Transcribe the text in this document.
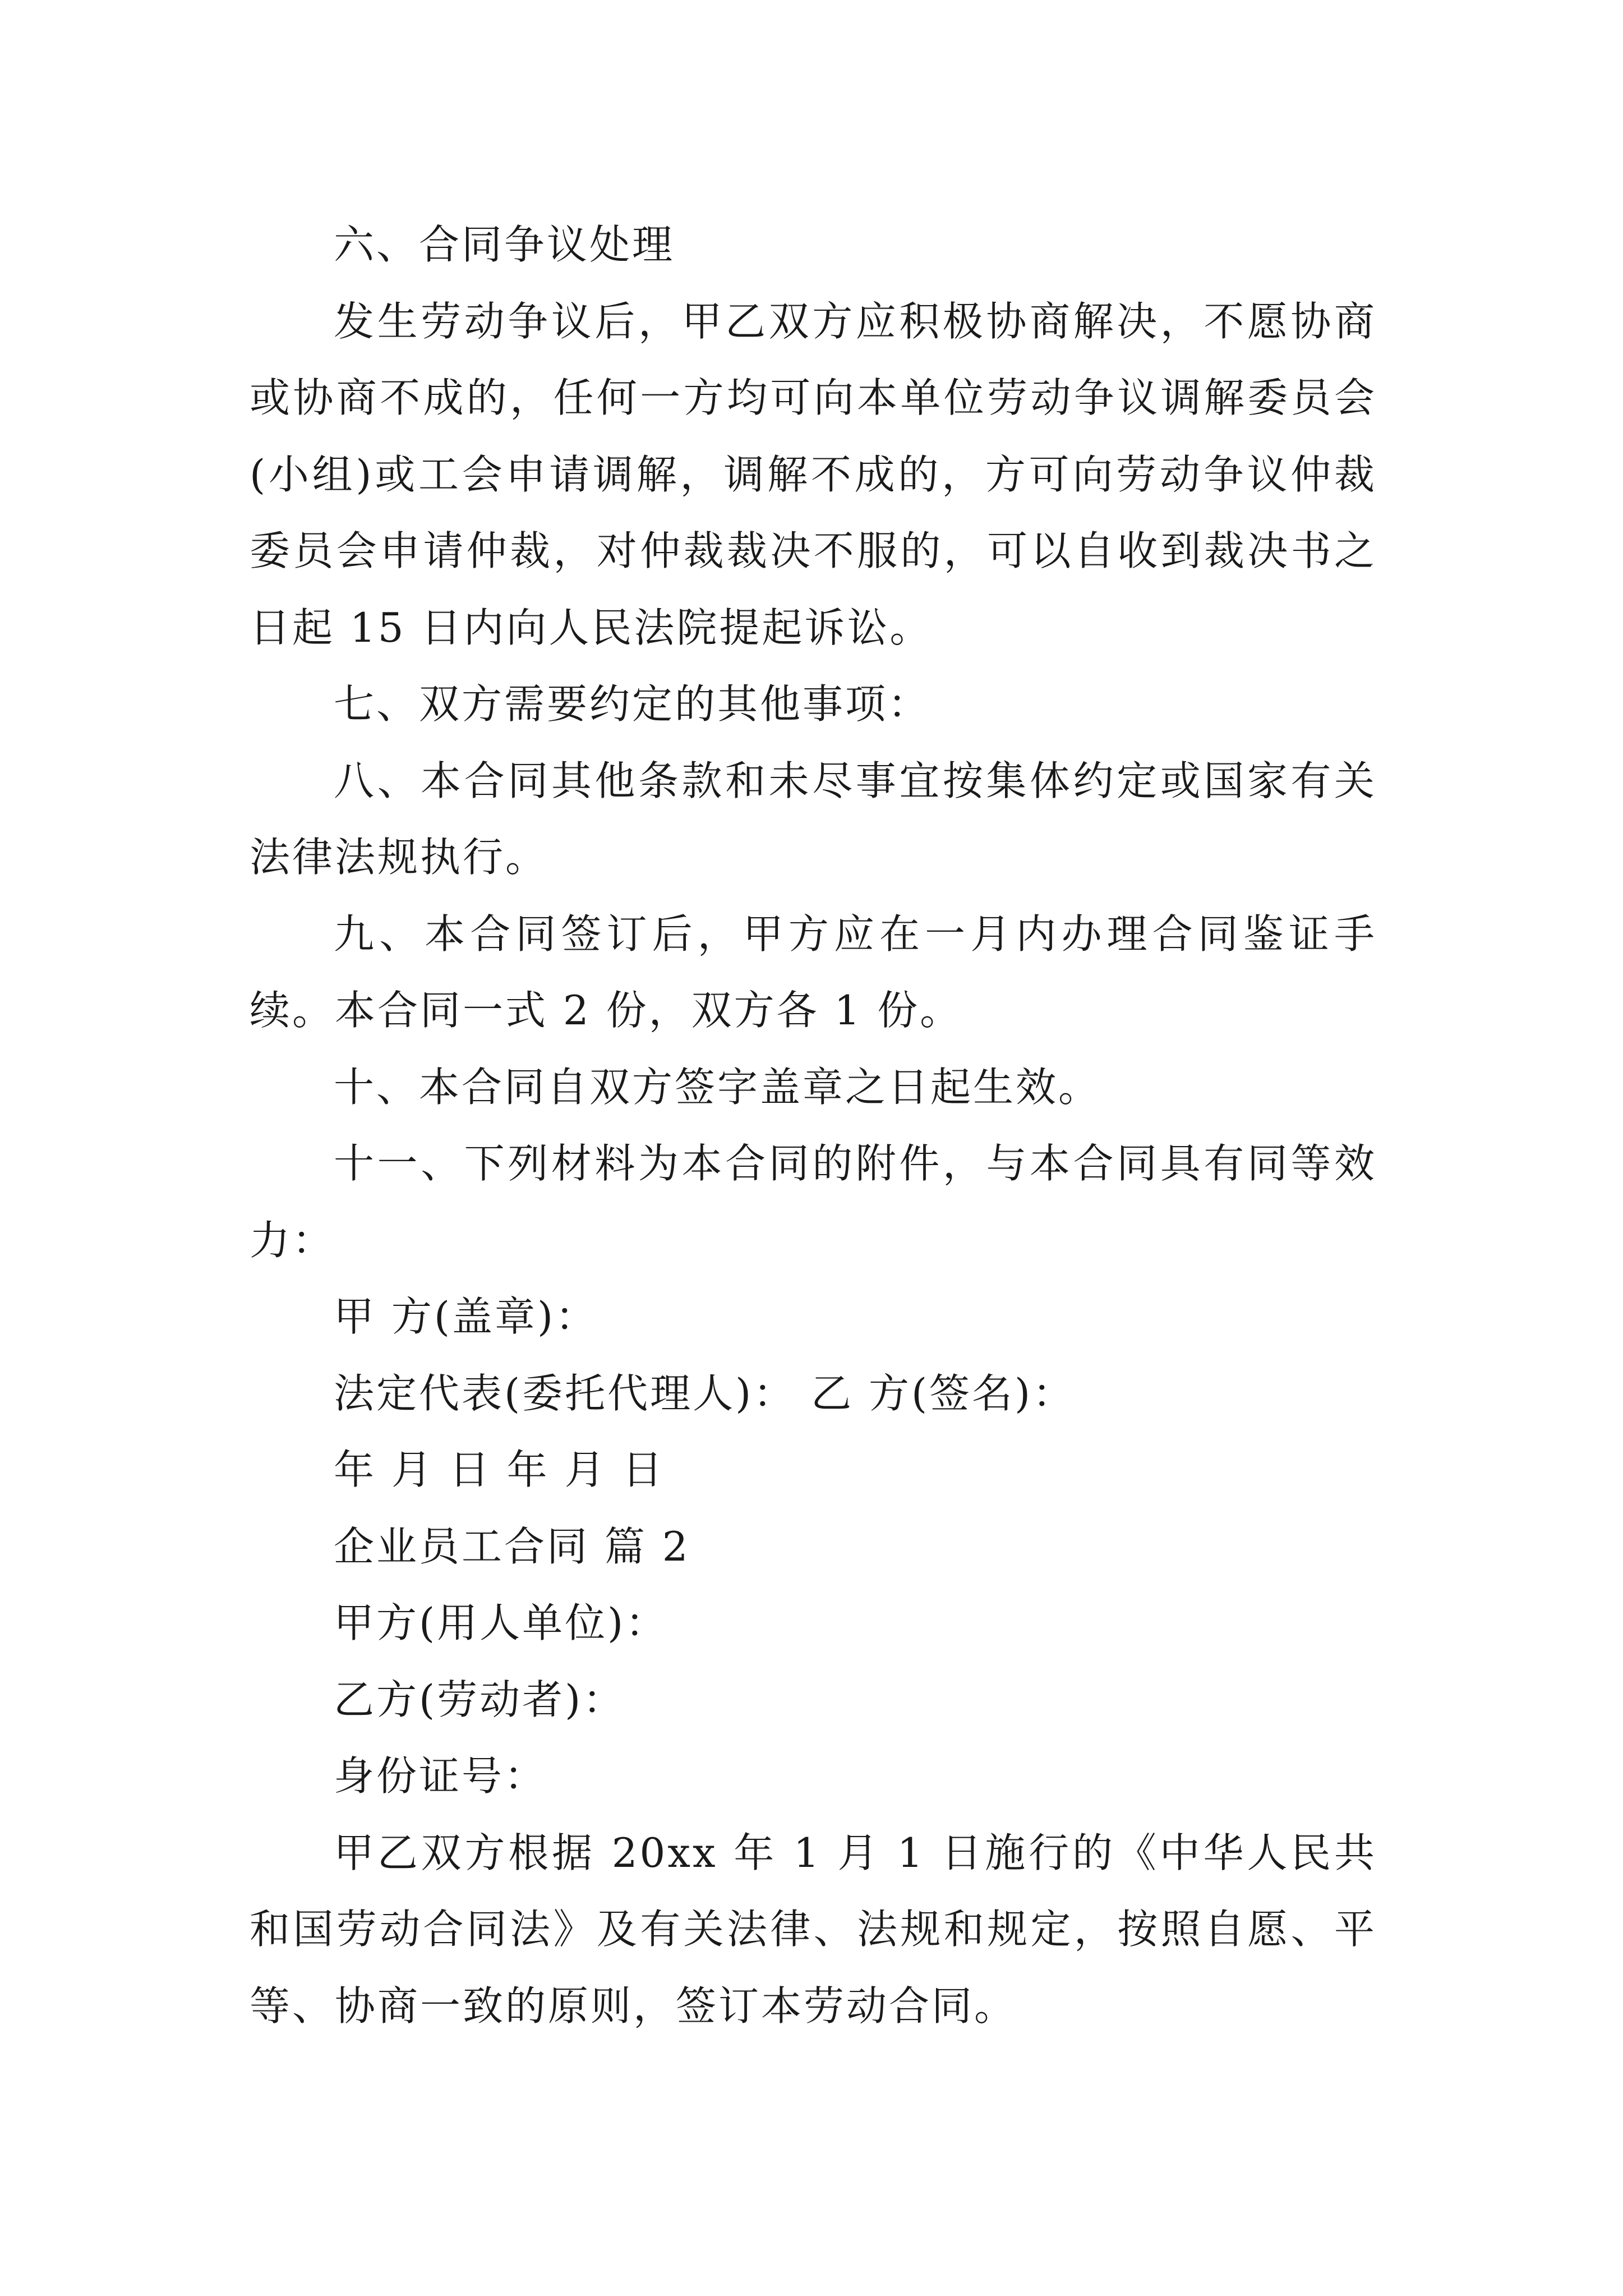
六、合同争议处理

发生劳动争议后，甲乙双方应积极协商解决，不愿协商或协商不成的，任何一方均可向本单位劳动争议调解委员会(小组)或工会申请调解，调解不成的，方可向劳动争议仲裁委员会申请仲裁，对仲裁裁决不服的，可以自收到裁决书之日起 15 日内向人民法院提起诉讼。

七、双方需要约定的其他事项：

八、本合同其他条款和未尽事宜按集体约定或国家有关法律法规执行。

九、本合同签订后，甲方应在一月内办理合同鉴证手续。本合同一式 2 份，双方各 1 份。

十、本合同自双方签字盖章之日起生效。

十一、下列材料为本合同的附件，与本合同具有同等效力：

甲 方(盖章)：

法定代表(委托代理人)： 乙 方(签名)：

年 月 日 年 月 日

企业员工合同 篇 2

甲方(用人单位)：

乙方(劳动者)：

身份证号：

甲乙双方根据 20xx 年 1 月 1 日施行的《中华人民共和国劳动合同法》及有关法律、法规和规定，按照自愿、平等、协商一致的原则，签订本劳动合同。
